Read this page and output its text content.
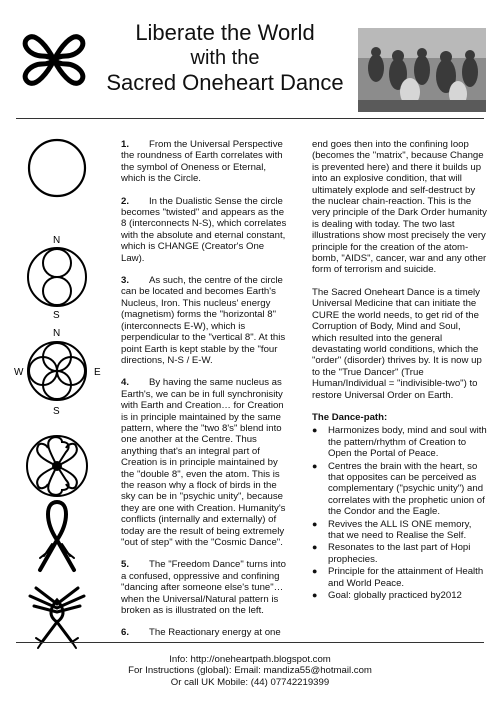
Liberate the World
with the
Sacred Oneheart Dance
N
S
N
S
W	E

1. From the Universal Perspective the roundness of Earth correlates with the symbol of Oneness or Eternal, which is the Circle.

2. In the Dualistic Sense the circle becomes "twisted" and appears as the 8 (interconnects N-S), which correlates with the absolute and eternal constant, which is CHANGE (Creator's One Law).

3. As such, the centre of the circle can be located and becomes Earth's Nucleus, Iron. This nucleus' energy (magnetism) forms the "horizontal 8" (interconnects E-W), which is perpendicular to the "vertical 8". At this point Earth is kept stable by the "four directions, N-S / E-W.

4. By having the same nucleus as Earth's, we can be in full synchronisity with Earth and Creation… for Creation is in principle maintained by the same pattern, where the "two 8's" blend into one another at the Centre. Thus anything that's an integral part of Creation is in principle maintained by the "double 8", even the atom. This is the reason why a flock of birds in the sky can be in "psychic unity", because they are one with Creation. Humanity's conflicts (internally and externally) of today are the result of being extremely "out of step" with the "Cosmic Dance".

5. The "Freedom Dance" turns into a confused, oppressive and confining "dancing after someone else's tune"… when the Universal/Natural pattern is broken as is illustrated on the left.

6. The Reactionary energy at one

end goes then into the confining loop (becomes the "matrix", because Change is prevented here) and there it builds up into an explosive condition, that will ultimately explode and self-destruct by the nuclear chain-reaction. This is the very principle of the Dark Order humanity is dealing with today. The two last illustrations show most precisely the very principle for the creation of the atom-bomb, "AIDS", cancer, war and any other form of terrorism and suicide.

The Sacred Oneheart Dance is a timely Universal Medicine that can initiate the CURE the world needs, to get rid of the Corruption of Body, Mind and Soul, which resulted into the general devastating world conditions, which the "order" (disorder) thrives by. It is now up to the "True Dancer" (True Human/Individual = "indivisible-two") to restore Universal Order on Earth.

The Dance-path:

● Harmonizes body, mind and soul with the pattern/rhythm of Creation to Open the Portal of Peace.
● Centres the brain with the heart, so that opposites can be perceived as complementary ("psychic unity") and correlates with the prophetic union of the Condor and the Eagle.
● Revives the ALL IS ONE memory, that we need to Realise the Self.
● Resonates to the last part of Hopi prophecies.
● Principle for the attainment of Health and World Peace.
● Goal: globally practiced by2012
Info: http://oneheartpath.blogspot.com
For Instructions (global): Email: mandiza55@hotmail.com
Or call UK Mobile: (44) 07742219399
